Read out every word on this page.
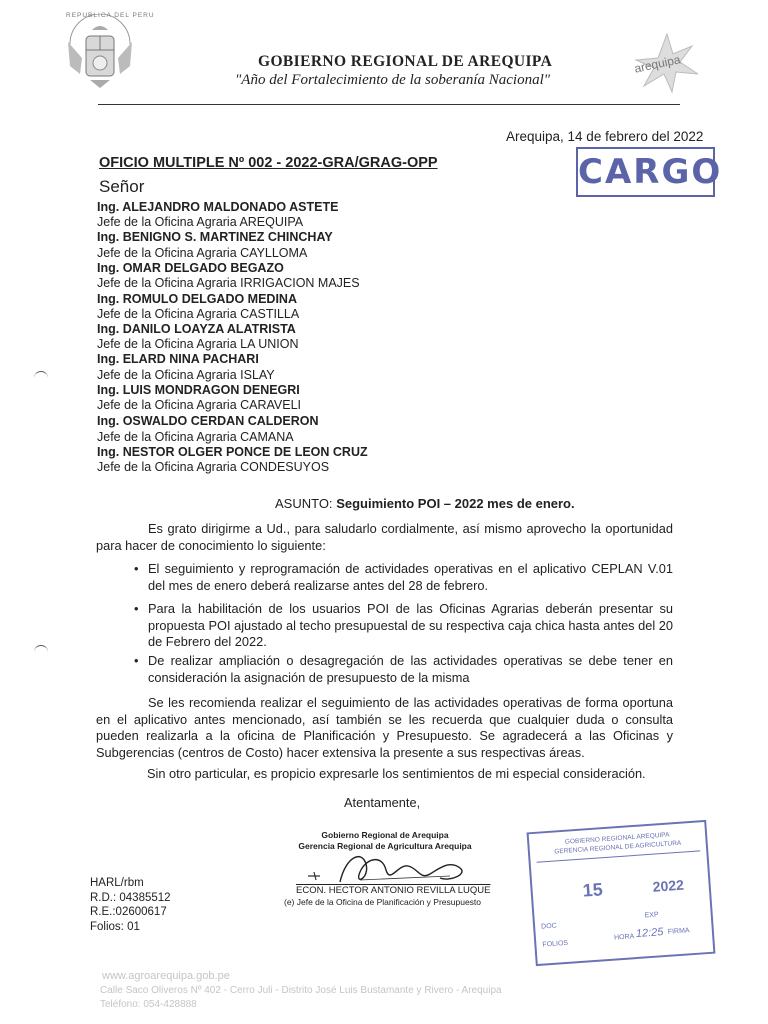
REPUBLICA DEL PERU
GOBIERNO REGIONAL DE AREQUIPA
"Año del Fortalecimiento de la soberanía Nacional"
arequipa
Arequipa, 14 de febrero del 2022
CARGO
OFICIO MULTIPLE Nº 002 - 2022-GRA/GRAG-OPP
Señor
Ing. ALEJANDRO MALDONADO ASTETE
Jefe de la Oficina Agraria AREQUIPA
Ing. BENIGNO S. MARTINEZ CHINCHAY
Jefe de la Oficina Agraria CAYLLOMA
Ing. OMAR DELGADO BEGAZO
Jefe de la Oficina Agraria IRRIGACION MAJES
Ing. ROMULO DELGADO MEDINA
Jefe de la Oficina Agraria CASTILLA
Ing. DANILO LOAYZA ALATRISTA
Jefe de la Oficina Agraria LA UNION
Ing. ELARD NINA PACHARI
Jefe de la Oficina Agraria ISLAY
Ing. LUIS MONDRAGON DENEGRI
Jefe de la Oficina Agraria CARAVELI
Ing. OSWALDO CERDAN CALDERON
Jefe de la Oficina Agraria CAMANA
Ing. NESTOR OLGER PONCE DE LEON CRUZ
Jefe de la Oficina Agraria CONDESUYOS
ASUNTO: Seguimiento POI – 2022 mes de enero.
Es grato dirigirme a Ud., para saludarlo cordialmente, así mismo aprovecho la oportunidad para hacer de conocimiento lo siguiente:
• El seguimiento y reprogramación de actividades operativas en el aplicativo CEPLAN V.01 del mes de enero deberá realizarse antes del 28 de febrero.
• Para la habilitación de los usuarios POI de las Oficinas Agrarias deberán presentar su propuesta POI ajustado al techo presupuestal de su respectiva caja chica hasta antes del 20 de Febrero del 2022.
• De realizar ampliación o desagregación de las actividades operativas se debe tener en consideración la asignación de presupuesto de la misma
Se les recomienda realizar el seguimiento de las actividades operativas de forma oportuna en el aplicativo antes mencionado, así también se les recuerda que cualquier duda o consulta pueden realizarla a la oficina de Planificación y Presupuesto. Se agradecerá a las Oficinas y Subgerencias (centros de Costo) hacer extensiva la presente a sus respectivas áreas.
Sin otro particular, es propicio expresarle los sentimientos de mi especial consideración.
Atentamente,
Gobierno Regional de Arequipa
Gerencia Regional de Agricultura Arequipa
ECON. HECTOR ANTONIO REVILLA LUQUE
(e) Jefe de la Oficina de Planificación y Presupuesto
HARL/rbm
R.D.: 04385512
R.E.:02600617
Folios: 01
GOBIERNO REGIONAL AREQUIPA GERENCIA REGIONAL DE AGRICULTURA
15	2022
DOC
EXP
FOLIOS
HORA 12:25 FIRMA
www.agroarequipa.gob.pe
Calle Saco Oliveros Nº 402 - Cerro Juli - Distrito José Luis Bustamante y Rivero - Arequipa
Teléfono: 054-428888
